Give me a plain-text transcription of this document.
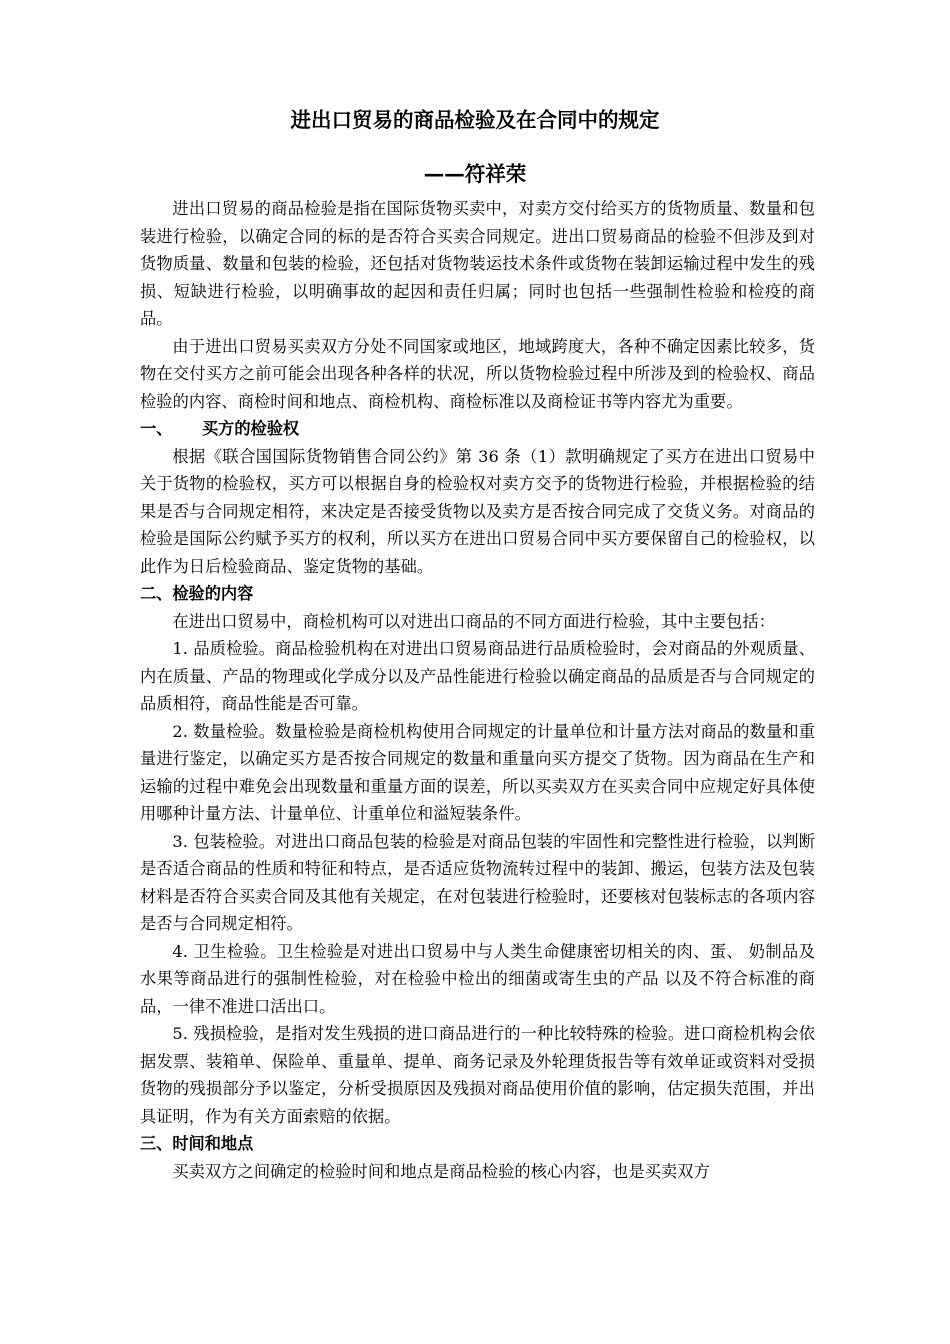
进出口贸易的商品检验及在合同中的规定
——符祥荣

进出口贸易的商品检验是指在国际货物买卖中，对卖方交付给买方的货物质量、数量和包装进行检验，以确定合同的标的是否符合买卖合同规定。进出口贸易商品的检验不但涉及到对货物质量、数量和包装的检验，还包括对货物装运技术条件或货物在装卸运输过程中发生的残损、短缺进行检验，以明确事故的起因和责任归属；同时也包括一些强制性检验和检疫的商品。

由于进出口贸易买卖双方分处不同国家或地区，地域跨度大，各种不确定因素比较多，货物在交付买方之前可能会出现各种各样的状况，所以货物检验过程中所涉及到的检验权、商品检验的内容、商检时间和地点、商检机构、商检标准以及商检证书等内容尤为重要。

一、 买方的检验权

根据《联合国国际货物销售合同公约》第 36 条（1）款明确规定了买方在进出口贸易中关于货物的检验权，买方可以根据自身的检验权对卖方交予的货物进行检验，并根据检验的结果是否与合同规定相符，来决定是否接受货物以及卖方是否按合同完成了交货义务。对商品的检验是国际公约赋予买方的权利，所以买方在进出口贸易合同中买方要保留自己的检验权，以此作为日后检验商品、鉴定货物的基础。

二、检验的内容

在进出口贸易中，商检机构可以对进出口商品的不同方面进行检验，其中主要包括：

1. 品质检验。商品检验机构在对进出口贸易商品进行品质检验时，会对商品的外观质量、内在质量、产品的物理或化学成分以及产品性能进行检验以确定商品的品质是否与合同规定的品质相符，商品性能是否可靠。

2. 数量检验。数量检验是商检机构使用合同规定的计量单位和计量方法对商品的数量和重量进行鉴定，以确定买方是否按合同规定的数量和重量向买方提交了货物。因为商品在生产和运输的过程中难免会出现数量和重量方面的误差，所以买卖双方在买卖合同中应规定好具体使用哪种计量方法、计量单位、计重单位和溢短装条件。

3. 包装检验。对进出口商品包装的检验是对商品包装的牢固性和完整性进行检验，以判断是否适合商品的性质和特征和特点，是否适应货物流转过程中的装卸、搬运，包装方法及包装材料是否符合买卖合同及其他有关规定，在对包装进行检验时，还要核对包装标志的各项内容是否与合同规定相符。

4. 卫生检验。卫生检验是对进出口贸易中与人类生命健康密切相关的肉、蛋、 奶制品及水果等商品进行的强制性检验，对在检验中检出的细菌或寄生虫的产品 以及不符合标准的商品，一律不准进口活出口。

5. 残损检验，是指对发生残损的进口商品进行的一种比较特殊的检验。进口商检机构会依据发票、装箱单、保险单、重量单、提单、商务记录及外轮理货报告等有效单证或资料对受损货物的残损部分予以鉴定，分析受损原因及残损对商品使用价值的影响，估定损失范围，并出具证明，作为有关方面索赔的依据。

三、时间和地点

买卖双方之间确定的检验时间和地点是商品检验的核心内容，也是买卖双方
